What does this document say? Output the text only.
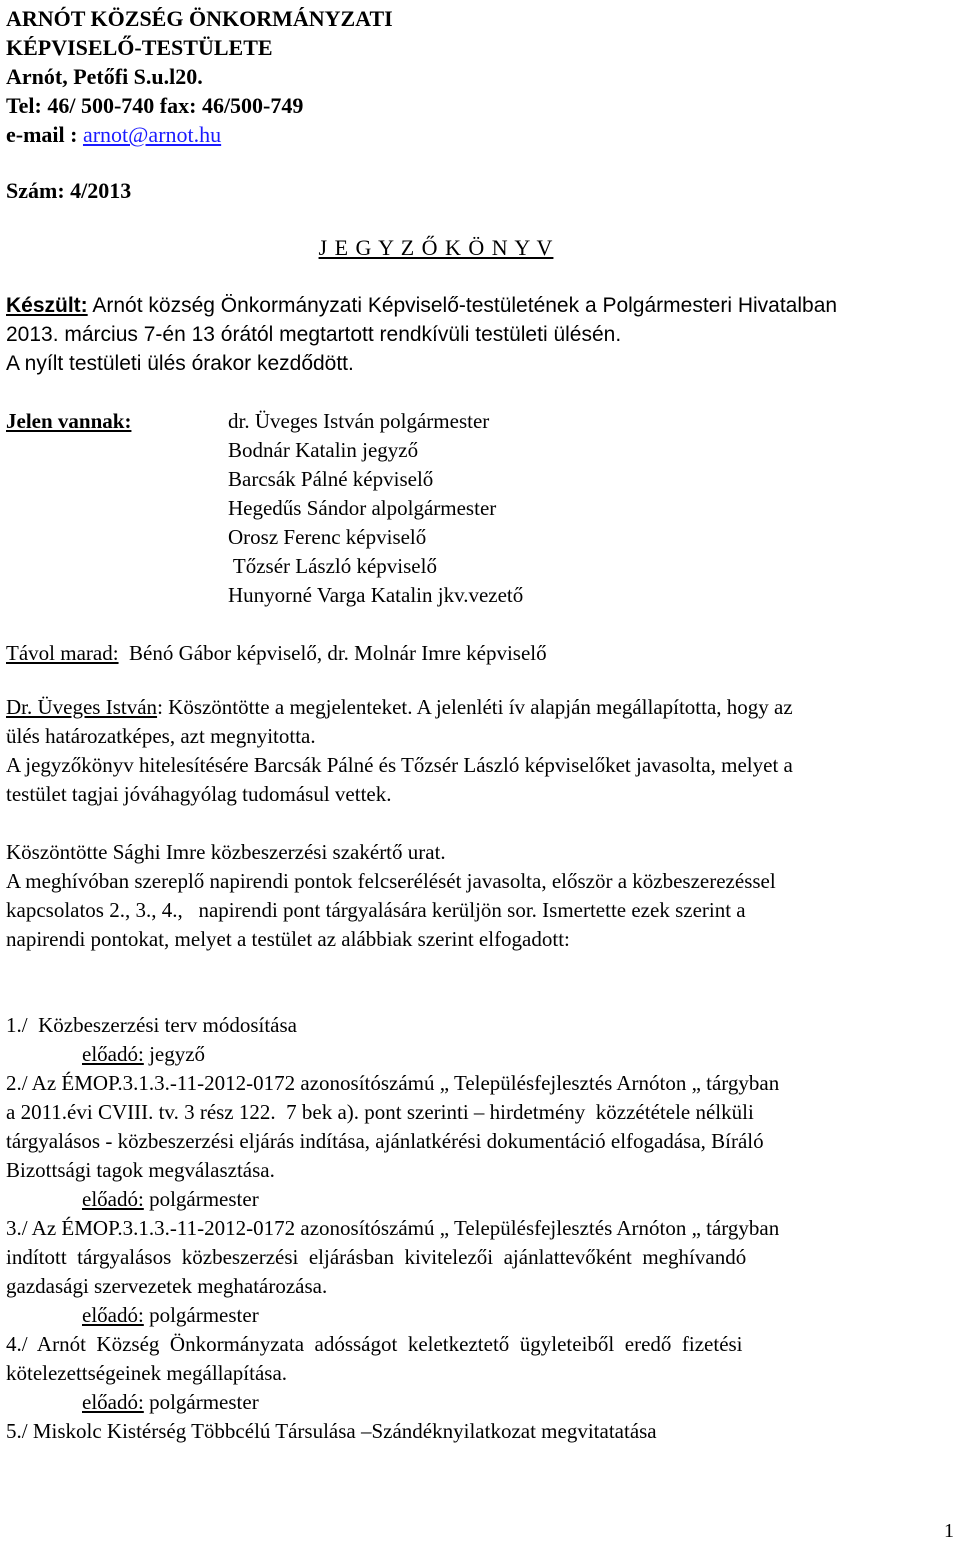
ARNÓT KÖZSÉG ÖNKORMÁNYZATI
KÉPVISELŐ-TESTÜLETE
Arnót, Petőfi S.u.l20.
Tel: 46/ 500-740 fax: 46/500-749
e-mail : arnot@arnot.hu
Szám: 4/2013
J E G Y Z Ő K Ö N Y V
Készült: Arnót község Önkormányzati Képviselő-testületének a Polgármesteri Hivatalban
2013. március 7-én 13 órától megtartott rendkívüli testületi ülésén.
A nyílt testületi ülés órakor kezdődött.
Jelen vannak:	dr. Üveges István polgármester
Bodnár Katalin jegyző
Barcsák Pálné képviselő
Hegedűs Sándor alpolgármester
Orosz Ferenc képviselő
Tőzsér László képviselő
Hunyorné Varga Katalin jkv.vezető
Távol marad:  Bénó Gábor képviselő, dr. Molnár Imre képviselő
Dr. Üveges István: Köszöntötte a megjelenteket. A jelenléti ív alapján megállapította, hogy az
ülés határozatképes, azt megnyitotta.
A jegyzőkönyv hitelesítésére Barcsák Pálné és Tőzsér László képviselőket javasolta, melyet a
testület tagjai jóváhagyólag tudomásul vettek.
Köszöntötte Sághi Imre közbeszerzési szakértő urat.
A meghívóban szereplő napirendi pontok felcserélését javasolta, először a közbeszerezéssel
kapcsolatos 2., 3., 4.,   napirendi pont tárgyalására kerüljön sor. Ismertette ezek szerint a
napirendi pontokat, melyet a testület az alábbiak szerint elfogadott:
1./  Közbeszerzési terv módosítása
előadó: jegyző
2./ Az ÉMOP.3.1.3.-11-2012-0172 azonosítószámú „ Településfejlesztés Arnóton „ tárgyban
a 2011.évi CVIII. tv. 3 rész 122.  7 bek a). pont szerinti – hirdetmény  közzététele nélküli
tárgyalásos - közbeszerzési eljárás indítása, ajánlatkérési dokumentáció elfogadása, Bíráló
Bizottsági tagok megválasztása.
előadó: polgármester
3./ Az ÉMOP.3.1.3.-11-2012-0172 azonosítószámú „ Településfejlesztés Arnóton „ tárgyban
indított  tárgyalásos  közbeszerzési  eljárásban  kivitelezői  ajánlattevőként  meghívandó
gazdasági szervezetek meghatározása.
előadó: polgármester
4./  Arnót  Község  Önkormányzata  adósságot  keletkeztető  ügyleteiből  eredő  fizetési
kötelezettségeinek megállapítása.
előadó: polgármester
5./ Miskolc Kistérség Többcélú Társulása –Szándéknyilatkozat megvitatatása
1
